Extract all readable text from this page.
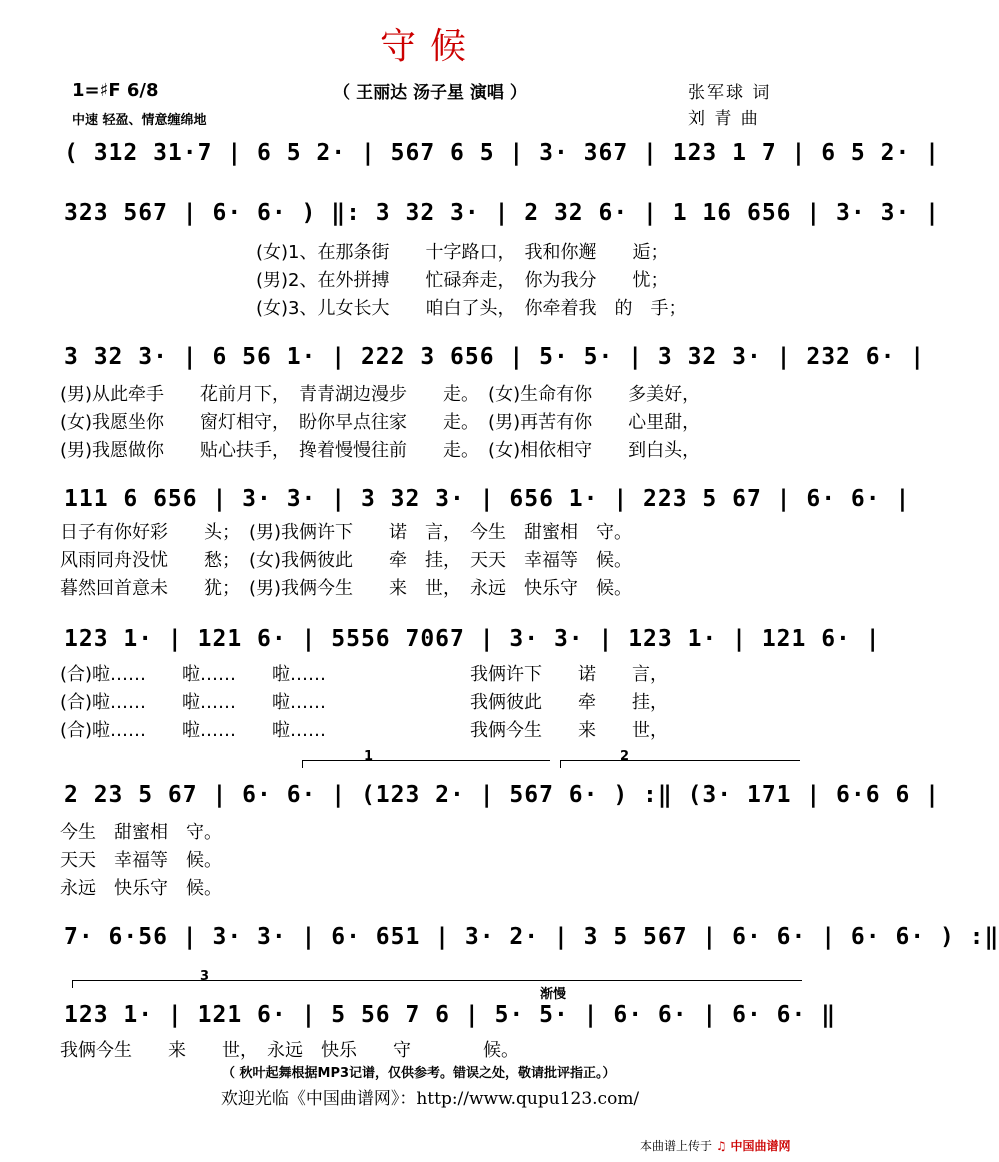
守候
（ 王丽达 汤子星 演唱 ）
1=♯F 6/8
中速 轻盈、情意缠绵地
张军球 词
刘 青 曲
( 312 31·7 | 6 5 2· | 567 6 5 | 3· 367 | 123 1 7 | 6 5 2· |
323 567 | 6· 6· ) ‖: 3 32 3· | 2 32 6· | 1 16 656 | 3· 3· |
(女)1、在那条街　　十字路口，　我和你邂　　逅；
(男)2、在外拼搏　　忙碌奔走，　你为我分　　忧；
(女)3、儿女长大　　咱白了头，　你牵着我　的　手；
3 32 3· | 6 56 1· | 222 3 656 | 5· 5· | 3 32 3· | 232 6· |
(男)从此牵手　　花前月下，　青青湖边漫步　　走。　(女)生命有你　　多美好，
(女)我愿坐你　　窗灯相守，　盼你早点往家　　走。　(男)再苦有你　　心里甜，
(男)我愿做你　　贴心扶手，　搀着慢慢往前　　走。　(女)相依相守　　到白头，
111 6 656 | 3· 3· | 3 32 3· | 656 1· | 223 5 67 | 6· 6· |
日子有你好彩　　头；　(男)我俩许下　　诺　言，　今生　甜蜜相　守。
风雨同舟没忧　　愁；　(女)我俩彼此　　牵　挂，　天天　幸福等　候。
暮然回首意未　　犹；　(男)我俩今生　　来　世，　永远　快乐守　候。
123 1· | 121 6· | 5556 7067 | 3· 3· | 123 1· | 121 6· |
(合)啦……　　啦……　　啦……　　　　　　　　我俩许下　　诺　　言，
(合)啦……　　啦……　　啦……　　　　　　　　我俩彼此　　牵　　挂，
(合)啦……　　啦……　　啦……　　　　　　　　我俩今生　　来　　世，
1	2
2 23 5 67 | 6· 6· | (123 2· | 567 6· ) :‖ (3· 171 | 6·6 6 |
今生　甜蜜相　守。
天天　幸福等　候。
永远　快乐守　候。
7· 6·56 | 3· 3· | 6· 651 | 3· 2· | 3 5 567 | 6· 6· | 6· 6· ) :‖
3
渐慢
123 1· | 121 6· | 5 56 7 6 | 5· 5· | 6· 6· | 6· 6· ‖
我俩今生　　来　　世，　永远　快乐　　守　　　　候。
（ 秋叶起舞根据MP3记谱，仅供参考。错误之处，敬请批评指正。）
欢迎光临《中国曲谱网》：http://www.qupu123.com/
本曲谱上传于 ♫ 中国曲谱网
